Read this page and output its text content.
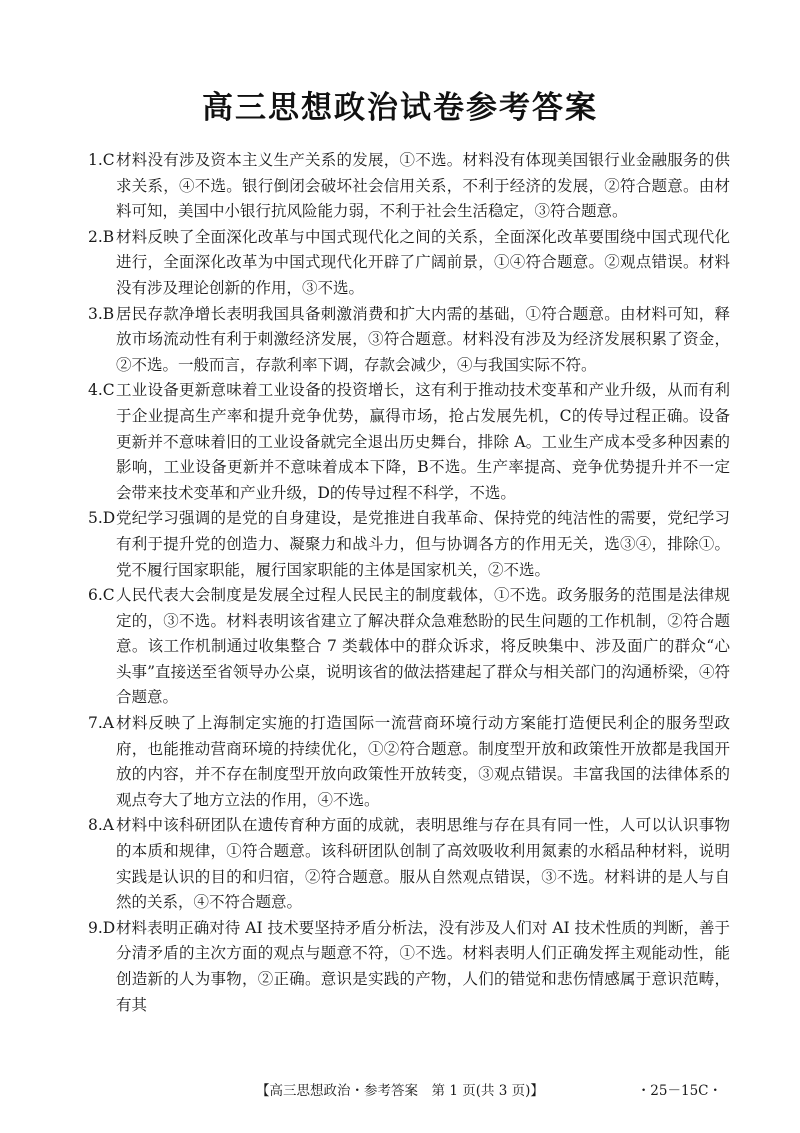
高三思想政治试卷参考答案

1.C 材料没有涉及资本主义生产关系的发展，①不选。材料没有体现美国银行业金融服务的供求关系，④不选。银行倒闭会破坏社会信用关系，不利于经济的发展，②符合题意。由材料可知，美国中小银行抗风险能力弱，不利于社会生活稳定，③符合题意。

2.B 材料反映了全面深化改革与中国式现代化之间的关系，全面深化改革要围绕中国式现代化进行，全面深化改革为中国式现代化开辟了广阔前景，①④符合题意。②观点错误。材料没有涉及理论创新的作用，③不选。

3.B 居民存款净增长表明我国具备刺激消费和扩大内需的基础，①符合题意。由材料可知，释放市场流动性有利于刺激经济发展，③符合题意。材料没有涉及为经济发展积累了资金，②不选。一般而言，存款利率下调，存款会减少，④与我国实际不符。

4.C 工业设备更新意味着工业设备的投资增长，这有利于推动技术变革和产业升级，从而有利于企业提高生产率和提升竞争优势，赢得市场，抢占发展先机，C的传导过程正确。设备更新并不意味着旧的工业设备就完全退出历史舞台，排除 A。工业生产成本受多种因素的影响，工业设备更新并不意味着成本下降，B不选。生产率提高、竞争优势提升并不一定会带来技术变革和产业升级，D的传导过程不科学，不选。

5.D 党纪学习强调的是党的自身建设，是党推进自我革命、保持党的纯洁性的需要，党纪学习有利于提升党的创造力、凝聚力和战斗力，但与协调各方的作用无关，选③④，排除①。党不履行国家职能，履行国家职能的主体是国家机关，②不选。

6.C 人民代表大会制度是发展全过程人民民主的制度载体，①不选。政务服务的范围是法律规定的，③不选。材料表明该省建立了解决群众急难愁盼的民生问题的工作机制，②符合题意。该工作机制通过收集整合 7 类载体中的群众诉求，将反映集中、涉及面广的群众“心头事”直接送至省领导办公桌，说明该省的做法搭建起了群众与相关部门的沟通桥梁，④符合题意。

7.A 材料反映了上海制定实施的打造国际一流营商环境行动方案能打造便民利企的服务型政府，也能推动营商环境的持续优化，①②符合题意。制度型开放和政策性开放都是我国开放的内容，并不存在制度型开放向政策性开放转变，③观点错误。丰富我国的法律体系的观点夸大了地方立法的作用，④不选。

8.A 材料中该科研团队在遗传育种方面的成就，表明思维与存在具有同一性，人可以认识事物的本质和规律，①符合题意。该科研团队创制了高效吸收利用氮素的水稻品种材料，说明实践是认识的目的和归宿，②符合题意。服从自然观点错误，③不选。材料讲的是人与自然的关系，④不符合题意。

9.D 材料表明正确对待 AI 技术要坚持矛盾分析法，没有涉及人们对 AI 技术性质的判断，善于分清矛盾的主次方面的观点与题意不符，①不选。材料表明人们正确发挥主观能动性，能创造新的人为事物，②正确。意识是实践的产物，人们的错觉和悲伤情感属于意识范畴，有其

【高三思想政治・参考答案　第 1 页(共 3 页)】	・25－15C・
